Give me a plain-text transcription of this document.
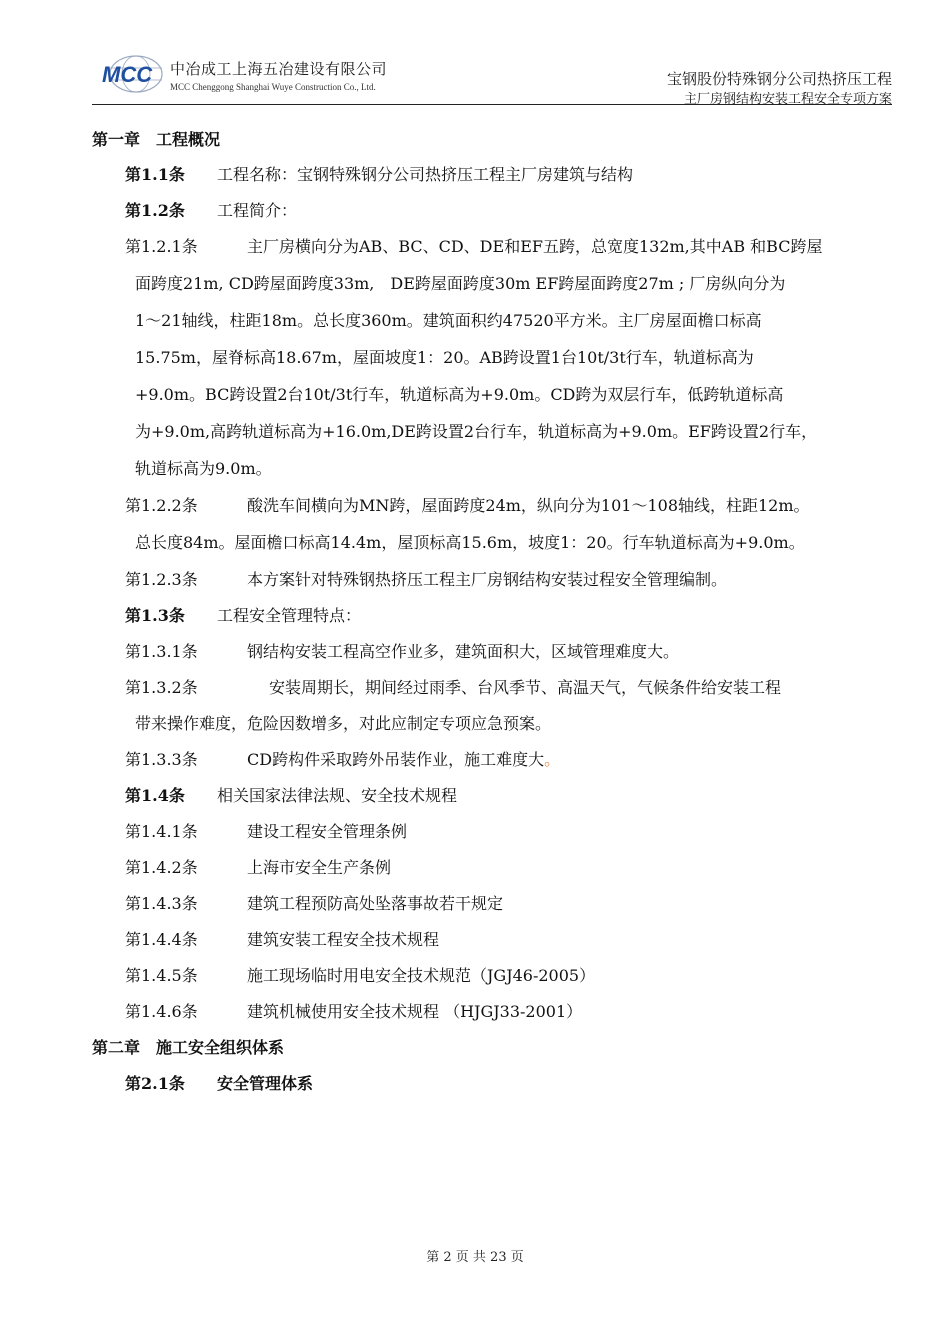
MCC 中冶成工上海五冶建设有限公司
MCC Chenggong Shanghai Wuye Construction Co., Ltd.	宝钢股份特殊钢分公司热挤压工程
主厂房钢结构安装工程安全专项方案
第一章　工程概况
第1.1条 工程名称：宝钢特殊钢分公司热挤压工程主厂房建筑与结构
第1.2条 工程简介：
第1.2.1条	主厂房横向分为AB、BC、CD、DE和EF五跨，总宽度132m,其中AB 和BC跨屋
面跨度21m, CD跨屋面跨度33m,　DE跨屋面跨度30m EF跨屋面跨度27m ; 厂房纵向分为
1～21轴线，柱距18m。总长度360m。建筑面积约47520平方米。主厂房屋面檐口标高
15.75m，屋脊标高18.67m，屋面坡度1：20。AB跨设置1台10t/3t行车，轨道标高为
+9.0m。BC跨设置2台10t/3t行车，轨道标高为+9.0m。CD跨为双层行车，低跨轨道标高
为+9.0m,高跨轨道标高为+16.0m,DE跨设置2台行车，轨道标高为+9.0m。EF跨设置2行车，
轨道标高为9.0m。
第1.2.2条	酸洗车间横向为MN跨，屋面跨度24m，纵向分为101～108轴线，柱距12m。
总长度84m。屋面檐口标高14.4m，屋顶标高15.6m，坡度1：20。行车轨道标高为+9.0m。
第1.2.3条	本方案针对特殊钢热挤压工程主厂房钢结构安装过程安全管理编制。
第1.3条 工程安全管理特点：
第1.3.1条	钢结构安装工程高空作业多，建筑面积大，区域管理难度大。
第1.3.2条	安装周期长，期间经过雨季、台风季节、高温天气，气候条件给安装工程
带来操作难度，危险因数增多，对此应制定专项应急预案。
第1.3.3条	CD跨构件采取跨外吊装作业，施工难度大。
第1.4条 相关国家法律法规、安全技术规程
第1.4.1条	建设工程安全管理条例
第1.4.2条	上海市安全生产条例
第1.4.3条	建筑工程预防高处坠落事故若干规定
第1.4.4条	建筑安装工程安全技术规程
第1.4.5条	施工现场临时用电安全技术规范（JGJ46-2005）
第1.4.6条	建筑机械使用安全技术规程 （HJGJ33-2001）
第二章　施工安全组织体系
第2.1条 安全管理体系
第 2 页 共 23 页
